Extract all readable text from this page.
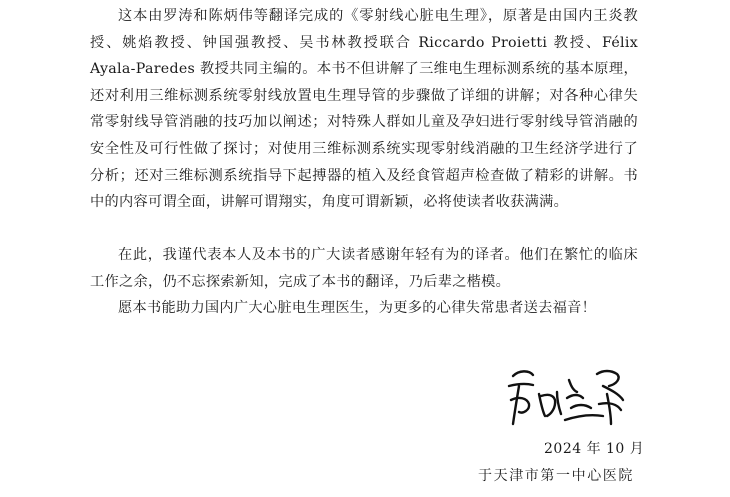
这本由罗涛和陈炳伟等翻译完成的《零射线心脏电生理》，原著是由国内王炎教授、姚焰教授、钟国强教授、吴书林教授联合 Riccardo Proietti 教授、Félix Ayala-Paredes 教授共同主编的。本书不但讲解了三维电生理标测系统的基本原理，还对利用三维标测系统零射线放置电生理导管的步骤做了详细的讲解；对各种心律失常零射线导管消融的技巧加以阐述；对特殊人群如儿童及孕妇进行零射线导管消融的安全性及可行性做了探讨；对使用三维标测系统实现零射线消融的卫生经济学进行了分析；还对三维标测系统指导下起搏器的植入及经食管超声检查做了精彩的讲解。书中的内容可谓全面，讲解可谓翔实，角度可谓新颖，必将使读者收获满满。

在此，我谨代表本人及本书的广大读者感谢年轻有为的译者。他们在繁忙的临床工作之余，仍不忘探索新知，完成了本书的翻译，乃后辈之楷模。

愿本书能助力国内广大心脏电生理医生，为更多的心律失常患者送去福音！

2024 年 10 月
于天津市第一中心医院
